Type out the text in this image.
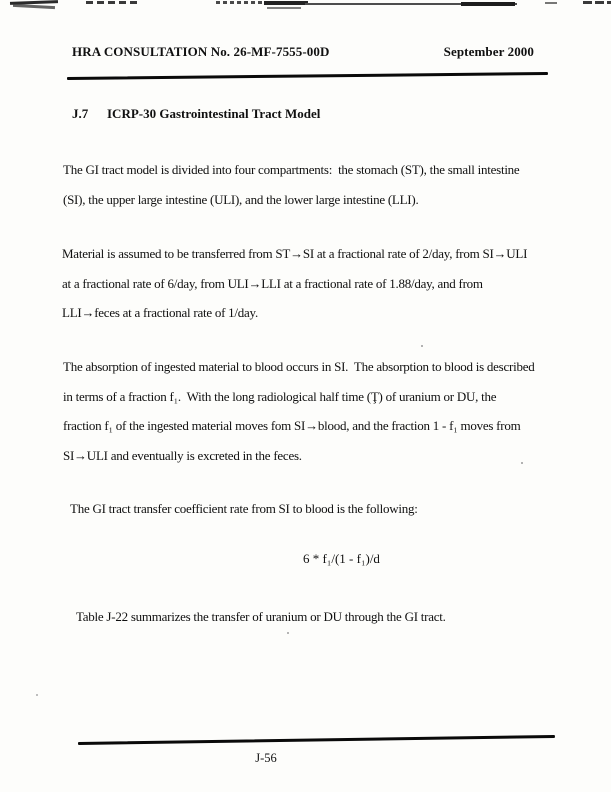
HRA CONSULTATION No. 26-MF-7555-00D	September 2000
J.7	ICRP-30 Gastrointestinal Tract Model
The GI tract model is divided into four compartments:  the stomach (ST), the small intestine
(SI), the upper large intestine (ULI), and the lower large intestine (LLI).
Material is assumed to be transferred from ST→SI at a fractional rate of 2/day, from SI→ULI
at a fractional rate of 6/day, from ULI→LLI at a fractional rate of 1.88/day, and from
LLI→feces at a fractional rate of 1/day.
The absorption of ingested material to blood occurs in SI.  The absorption to blood is described
in terms of a fraction f₁.  With the long radiological half time (Ţ) of uranium or DU, the
fraction f₁ of the ingested material moves fom SI→blood, and the fraction 1 - f₁ moves from
SI→ULI and eventually is excreted in the feces.
The GI tract transfer coefficient rate from SI to blood is the following:
6 * f₁/(1 - f₁)/d
Table J-22 summarizes the transfer of uranium or DU through the GI tract.
J-56
